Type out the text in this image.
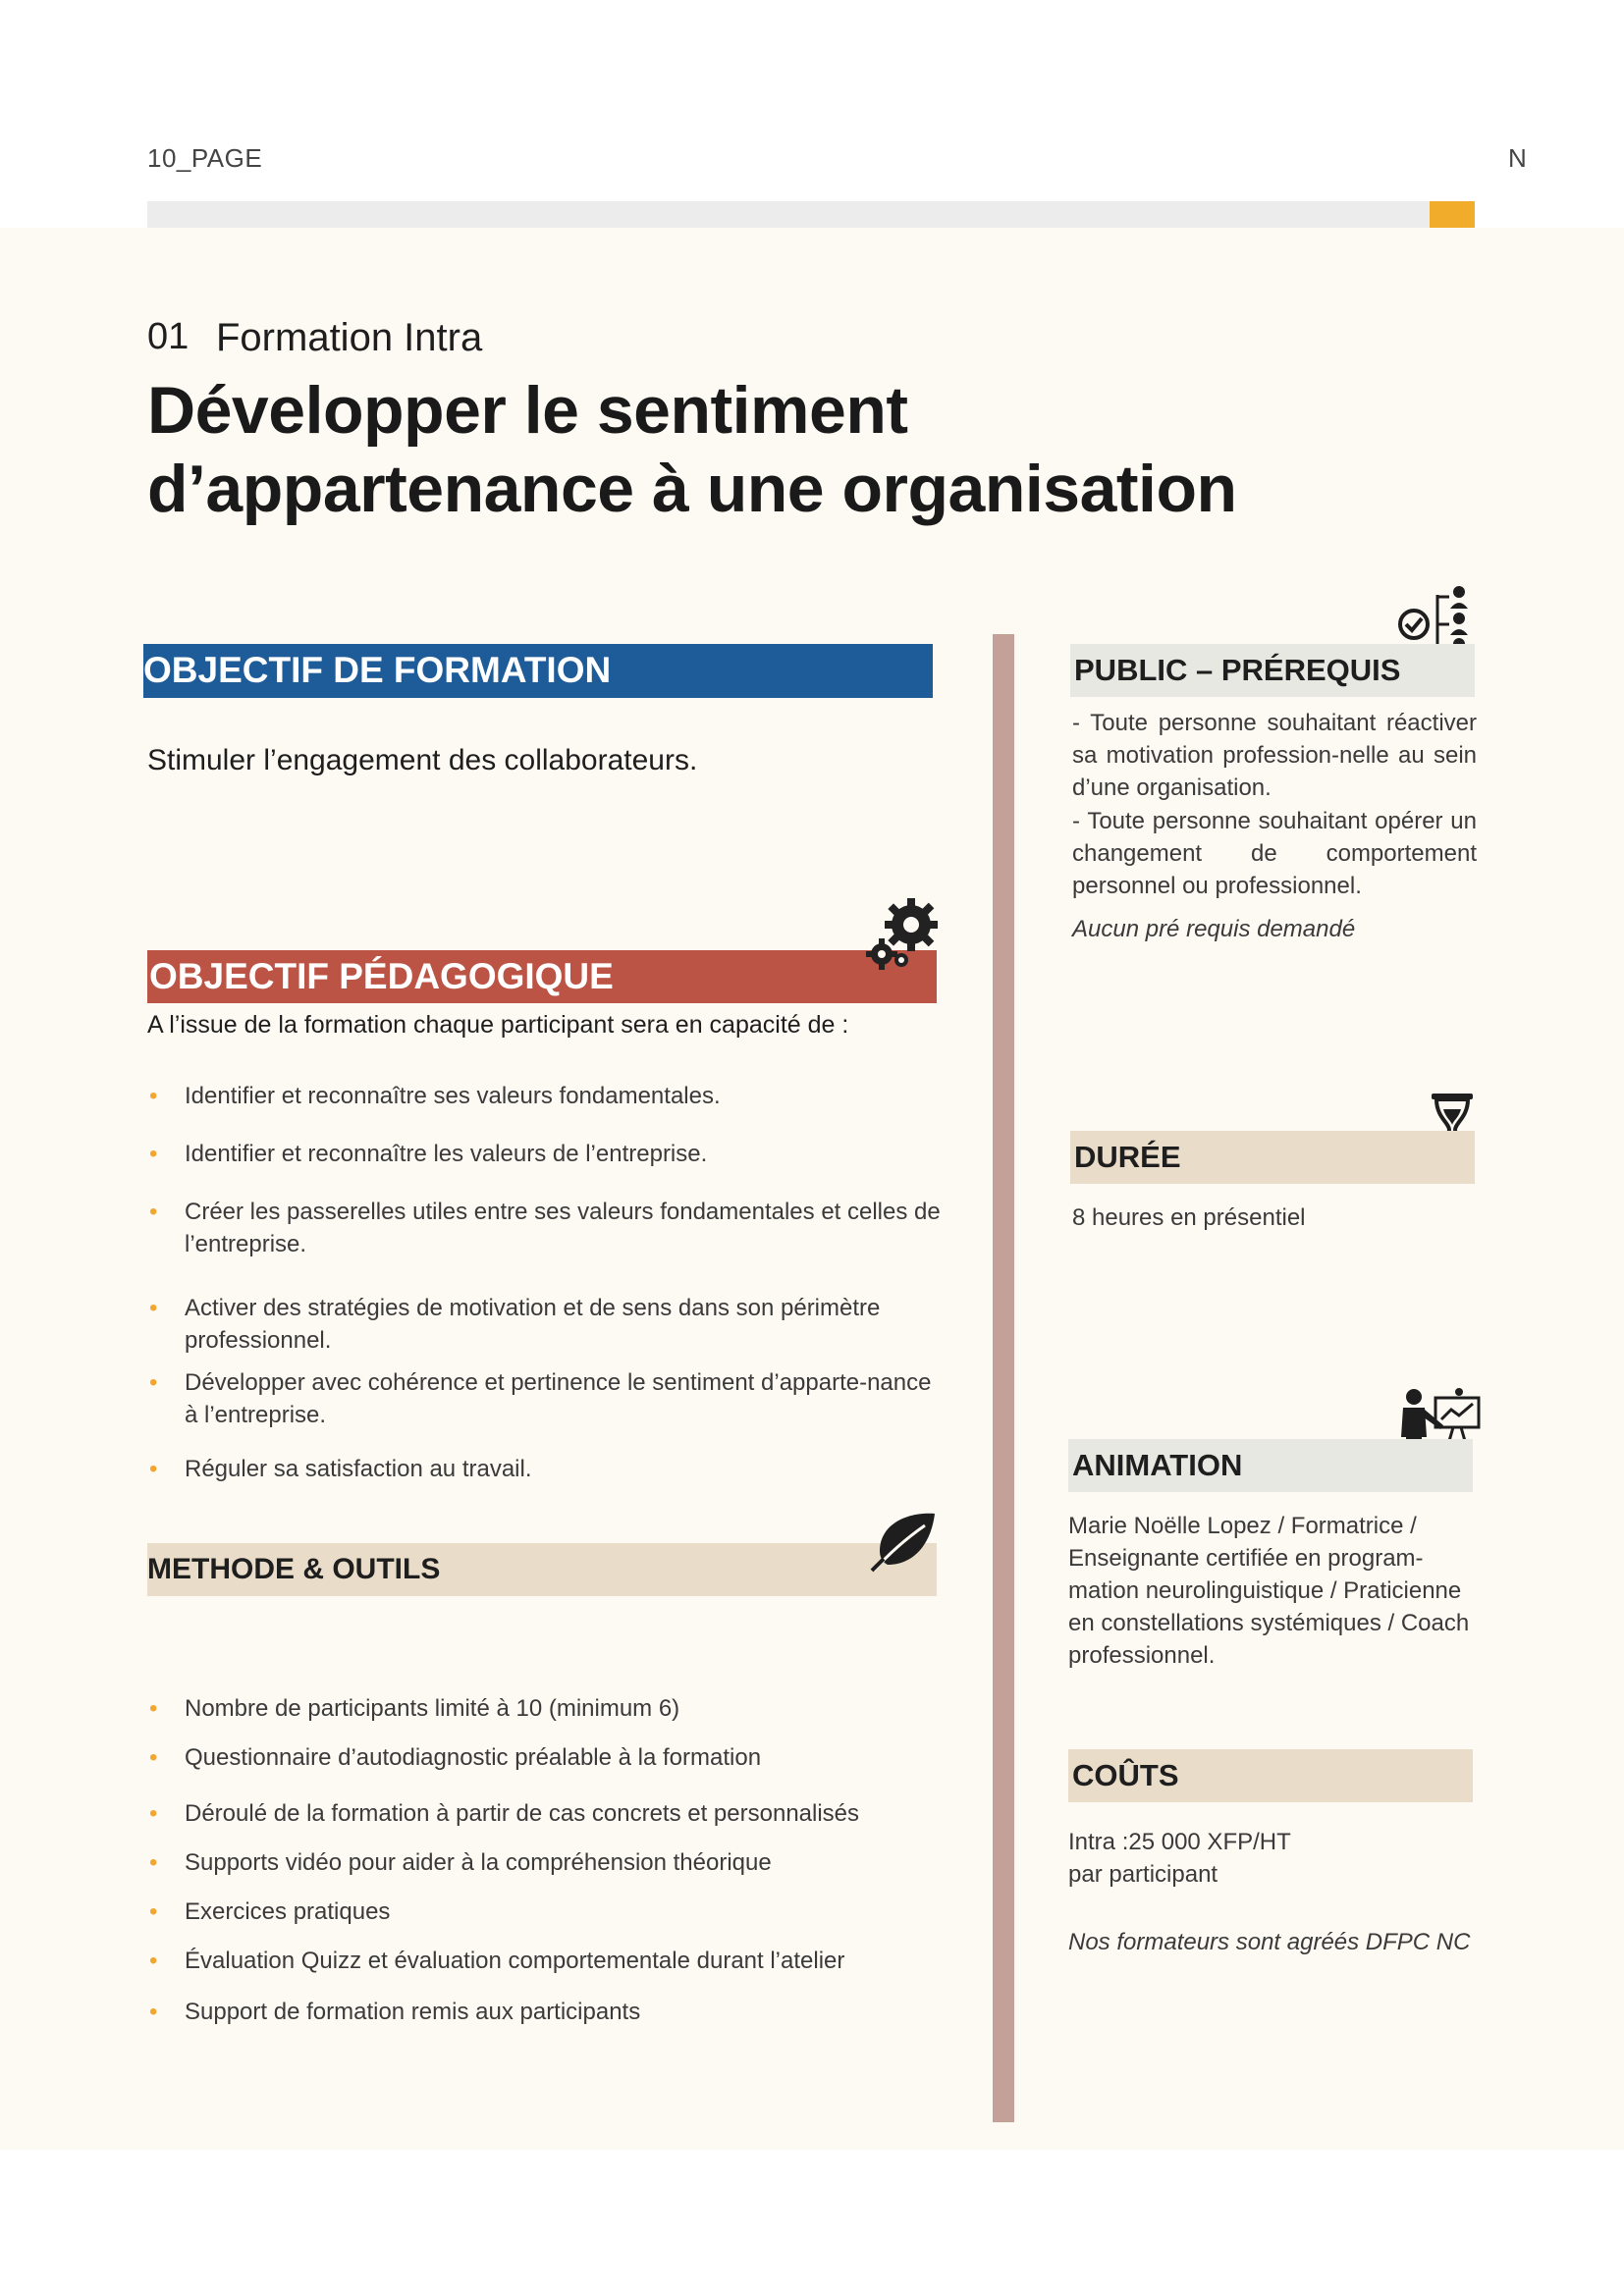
10_PAGE	N
01 Formation Intra
Développer le sentiment
d’appartenance à une organisation
OBJECTIF DE FORMATION
Stimuler l’engagement des collaborateurs.
OBJECTIF PÉDAGOGIQUE
A l’issue de la formation chaque participant sera en capacité de :
• Identifier et reconnaître ses valeurs fondamentales.
• Identifier et reconnaître les valeurs de l’entreprise.
• Créer les passerelles utiles entre ses valeurs fondamentales et celles de l’entreprise.
• Activer des stratégies de motivation et de sens dans son périmètre professionnel.
• Développer avec cohérence et pertinence le sentiment d’apparte-nance à l’entreprise.
• Réguler sa satisfaction au travail.
METHODE & OUTILS
• Nombre de participants limité à 10 (minimum 6)
• Questionnaire d’autodiagnostic préalable à la formation
• Déroulé de la formation à partir de cas concrets et personnalisés
• Supports vidéo pour aider à la compréhension théorique
• Exercices pratiques
• Évaluation Quizz et évaluation comportementale durant l’atelier
• Support de formation remis aux participants
PUBLIC – PRÉREQUIS
- Toute personne souhaitant réactiver sa motivation profession-nelle au sein d’une organisation.
- Toute personne souhaitant opérer un changement de comportement personnel ou professionnel.
Aucun pré requis demandé
DURÉE
8 heures en présentiel
ANIMATION
Marie Noëlle Lopez / Formatrice / Enseignante certifiée en program-mation neurolinguistique / Praticienne en constellations systémiques / Coach professionnel.
COÛTS
Intra :25 000 XFP/HT
par participant
Nos formateurs sont agréés DFPC NC
